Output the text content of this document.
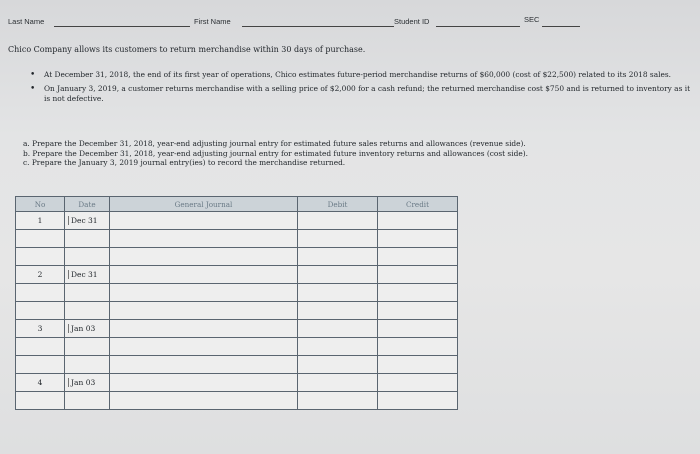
Last Name	First Name	Student ID	SEC
Chico Company allows its customers to return merchandise within 30 days of purchase.
• At December 31, 2018, the end of its first year of operations, Chico estimates future-period merchandise returns of $60,000 (cost of $22,500) related to its 2018 sales.
• On January 3, 2019, a customer returns merchandise with a selling price of $2,000 for a cash refund; the returned merchandise cost $750 and is returned to inventory as it is not defective.
a. Prepare the December 31, 2018, year-end adjusting journal entry for estimated future sales returns and allowances (revenue side).
b. Prepare the December 31, 2018, year-end adjusting journal entry for estimated future inventory returns and allowances (cost side).
c. Prepare the January 3, 2019 journal entry(ies) to record the merchandise returned.
No	Date	General Journal	Debit	Credit
1	Dec 31			

2	Dec 31			

3	Jan 03			

4	Jan 03			
